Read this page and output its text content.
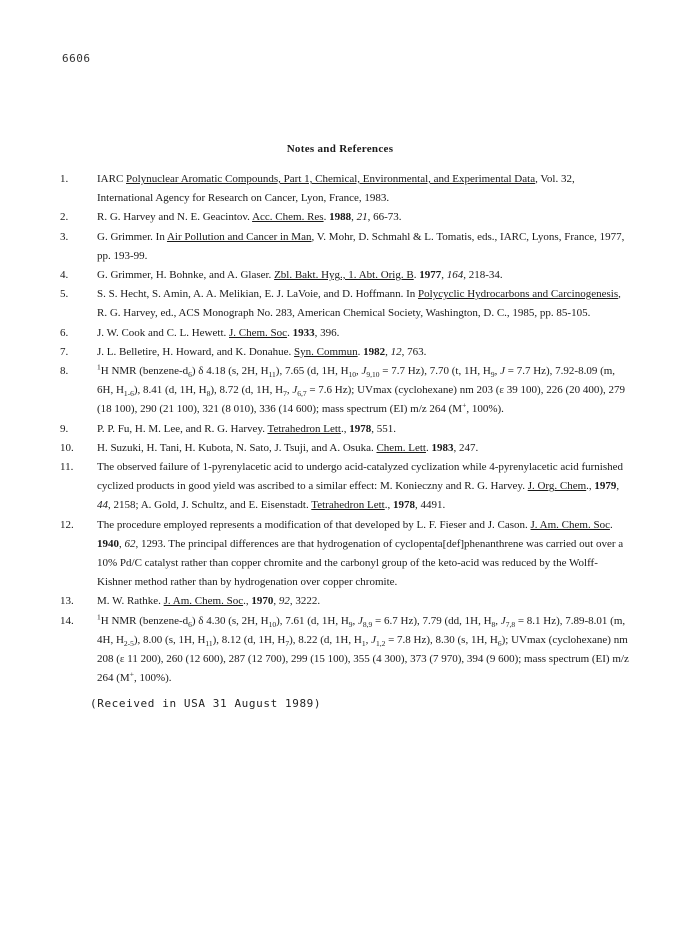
6606
Notes and References
1.	IARC Polynuclear Aromatic Compounds, Part 1, Chemical, Environmental, and Experimental Data, Vol. 32, International Agency for Research on Cancer, Lyon, France, 1983.
2.	R. G. Harvey and N. E. Geacintov. Acc. Chem. Res. 1988, 21, 66-73.
3.	G. Grimmer. In Air Pollution and Cancer in Man, V. Mohr, D. Schmahl & L. Tomatis, eds., IARC, Lyons, France, 1977, pp. 193-99.
4.	G. Grimmer, H. Bohnke, and A. Glaser. Zbl. Bakt. Hyg., 1. Abt. Orig. B. 1977, 164, 218-34.
5.	S. S. Hecht, S. Amin, A. A. Melikian, E. J. LaVoie, and D. Hoffmann. In Polycyclic Hydrocarbons and Carcinogenesis, R. G. Harvey, ed., ACS Monograph No. 283, American Chemical Society, Washington, D. C., 1985, pp. 85-105.
6.	J. W. Cook and C. L. Hewett. J. Chem. Soc. 1933, 396.
7.	J. L. Belletire, H. Howard, and K. Donahue. Syn. Commun. 1982, 12, 763.
8.	$^1$H NMR $(benzene-d_6)$ δ 4.18 (s, 2H, $H_{11}$), 7.65 (d, 1H, $H_{10}$, $J_{9,10} = 7.7$ Hz), 7.70 (t, 1H, $H_9$, J = 7.7 Hz), 7.92-8.09 (m, 6H, $H_{1-6}$), 8.41 (d, 1H, $H_8$), 8.72 (d, 1H, $H_7$, $J_{6,7} = 7.6$ Hz); UVmax (cyclohexane) nm 203 (ε 39 100), 226 (20 400), 279 (18 100), 290 (21 100), 321 (8 010), 336 (14 600); mass spectrum (EI) m/z 264 (M+, 100%).
9.	P. P. Fu, H. M. Lee, and R. G. Harvey. Tetrahedron Lett., 1978, 551.
10.	H. Suzuki, H. Tani, H. Kubota, N. Sato, J. Tsuji, and A. Osuka. Chem. Lett. 1983, 247.
11.	The observed failure of 1-pyrenylacetic acid to undergo acid-catalyzed cyclization while 4-pyrenylacetic acid furnished cyclized products in good yield was ascribed to a similar effect: M. Konieczny and R. G. Harvey. J. Org. Chem., 1979, 44, 2158; A. Gold, J. Schultz, and E. Eisenstadt. Tetrahedron Lett., 1978, 4491.
12.	The procedure employed represents a modification of that developed by L. F. Fieser and J. Cason. J. Am. Chem. Soc. 1940, 62, 1293. The principal differences are that hydrogenation of cyclopenta[def]phenanthrene was carried out over a 10% Pd/C catalyst rather than copper chromite and the carbonyl group of the keto-acid was reduced by the Wolff-Kishner method rather than by hydrogenation over copper chromite.
13.	M. W. Rathke. J. Am. Chem. Soc., 1970, 92, 3222.
14.	$^1$H NMR $(benzene-d_6)$ δ 4.30 (s, 2H, $H_{10}$), 7.61 (d, 1H, $H_9$, $J_{8,9} = 6.7$ Hz), 7.79 (dd, 1H, $H_8$, $J_{7,8} = 8.1$ Hz), 7.89-8.01 (m, 4H, $H_{2-5}$), 8.00 (s, 1H, $H_{11}$), 8.12 (d, 1H, $H_7$), 8.22 (d, 1H, $H_1$, $J_{1,2} = 7.8$ Hz), 8.30 (s, 1H, $H_6$); UVmax (cyclohexane) nm 208 (ε 11 200), 260 (12 600), 287 (12 700), 299 (15 100), 355 (4 300), 373 (7 970), 394 (9 600); mass spectrum (EI) m/z 264 (M+, 100%).
(Received in USA 31 August 1989)
